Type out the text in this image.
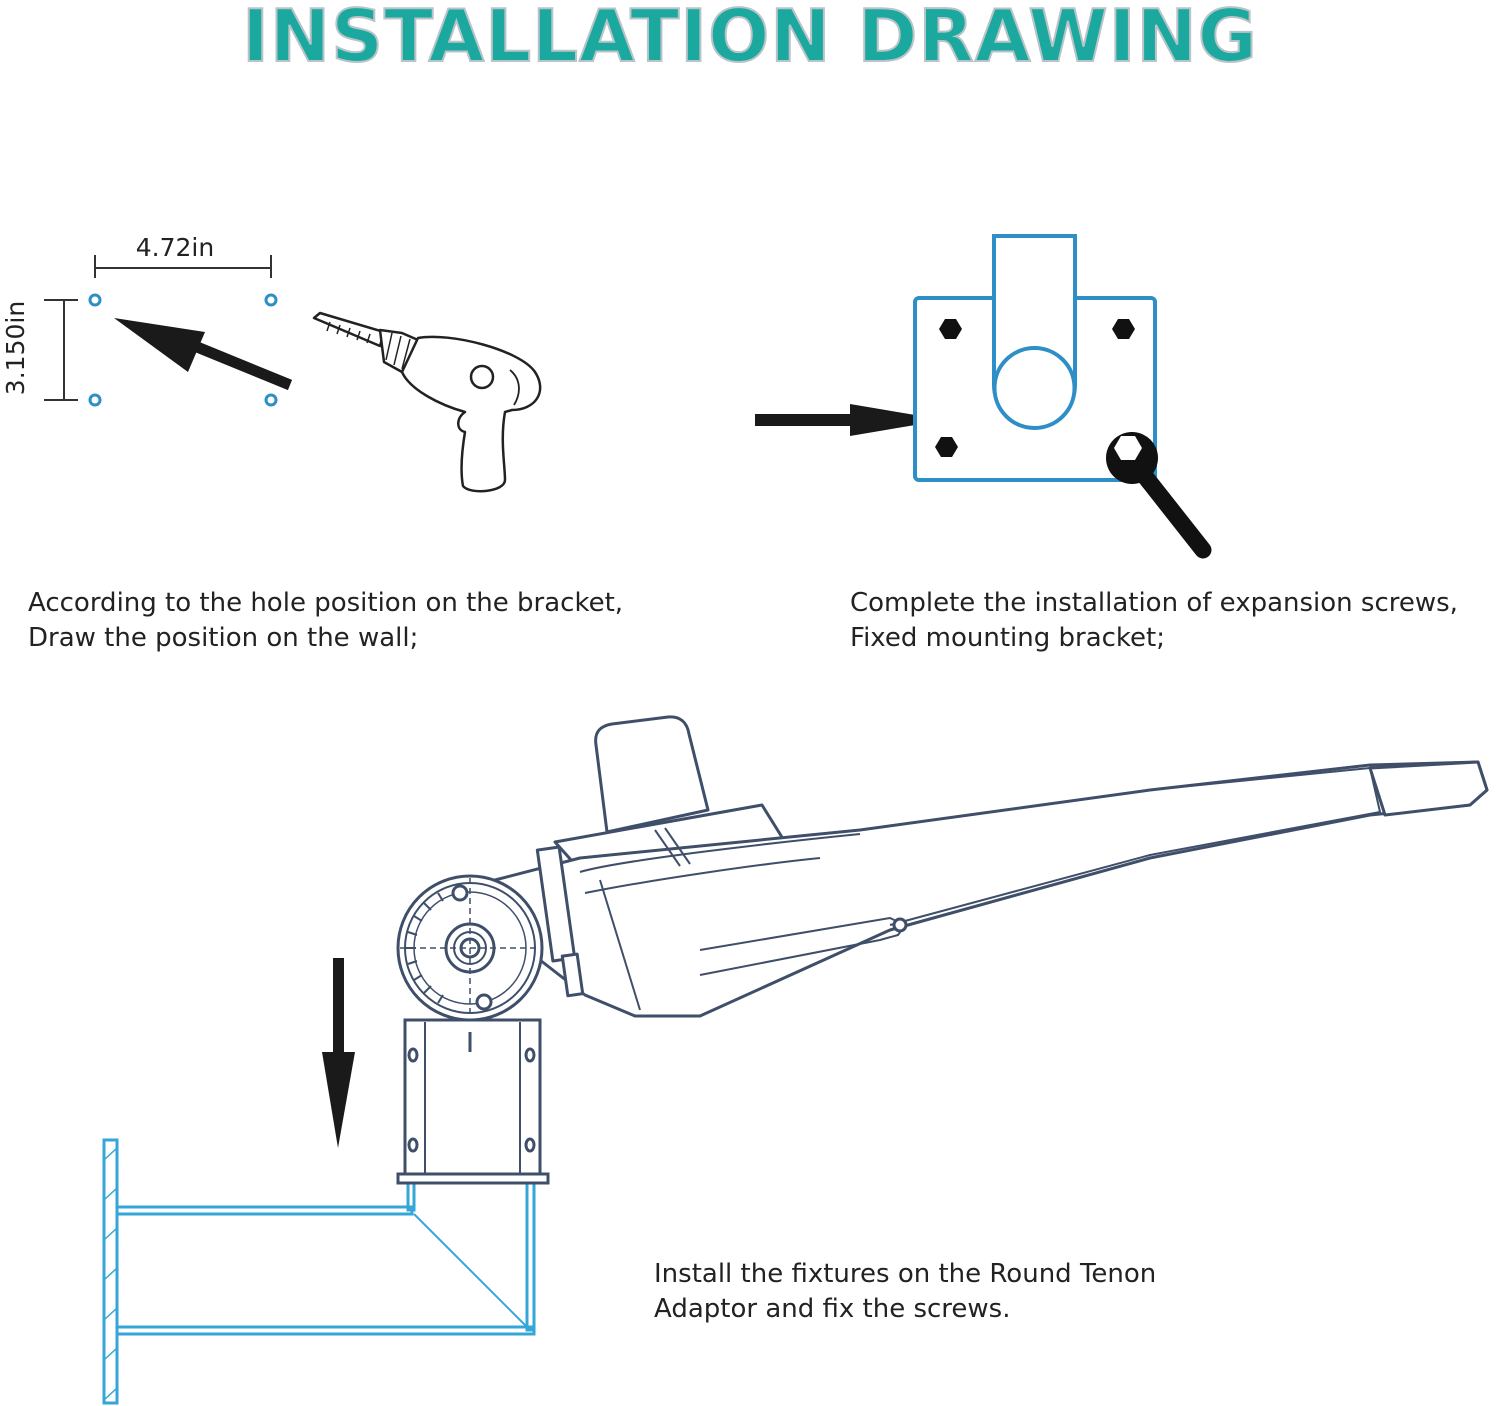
INSTALLATION DRAWING
4.72in
3.150in
According to the hole position on the bracket,
Draw the position on the wall;
Complete the installation of expansion screws,
Fixed mounting bracket;
Install the fixtures on the Round Tenon
Adaptor and fix the screws.
